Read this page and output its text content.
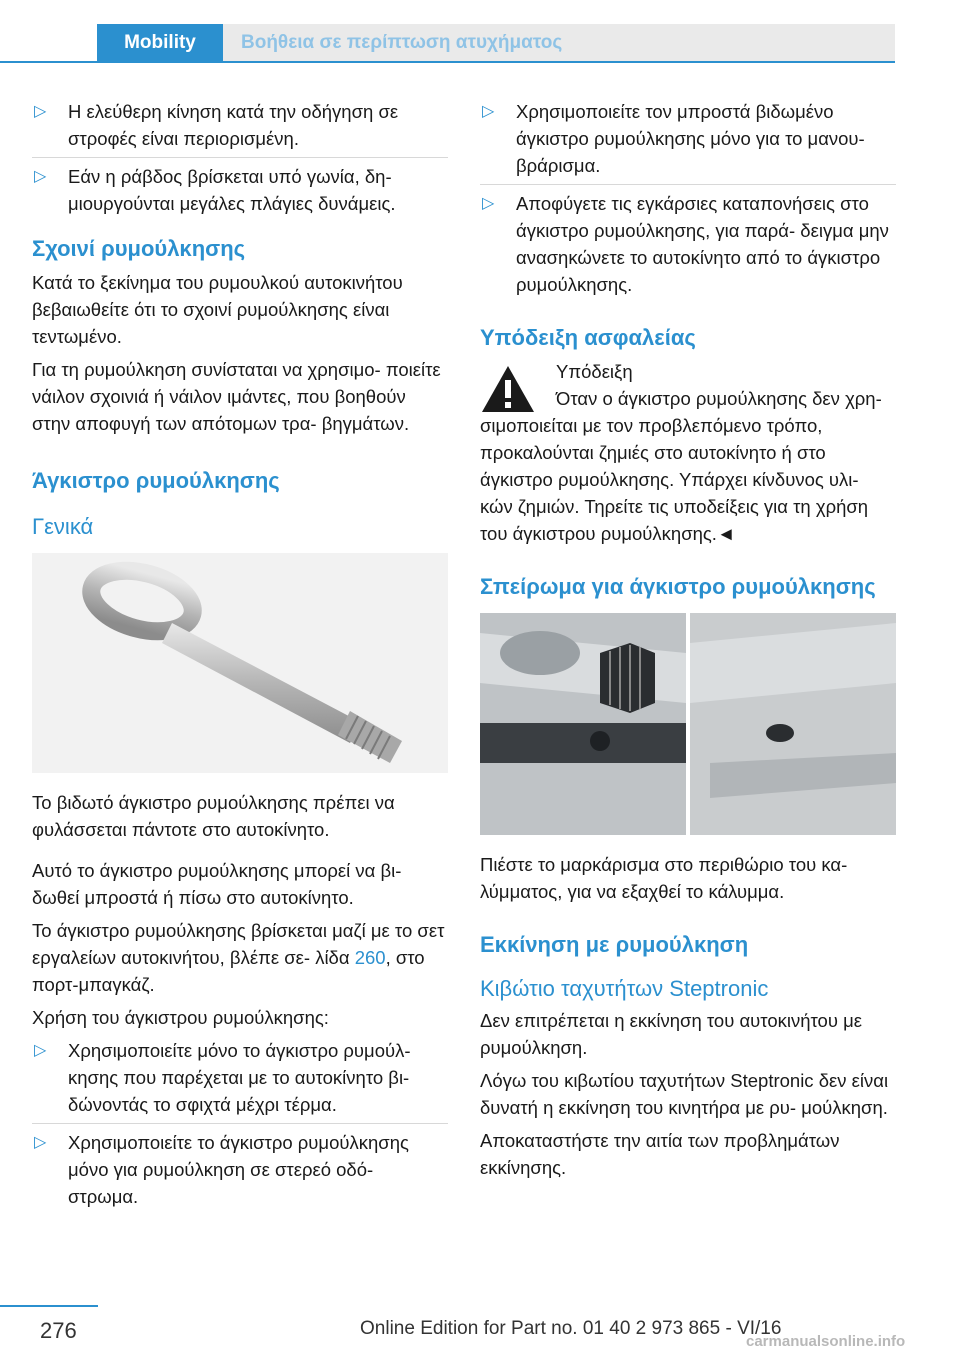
Mobility	Βοήθεια σε περίπτωση ατυχήματος
▷ Η ελεύθερη κίνηση κατά την οδήγηση σε στροφές είναι περιορισμένη.
▷ Εάν η ράβδος βρίσκεται υπό γωνία, δη‐ μιουργούνται μεγάλες πλάγιες δυνάμεις.
Σχοινί ρυμούλκησης

Κατά το ξεκίνημα του ρυμουλκού αυτοκινήτου βεβαιωθείτε ότι το σχοινί ρυμούλκησης είναι τεντωμένο.

Για τη ρυμούλκηση συνίσταται να χρησιμο‐ ποιείτε νάιλον σχοινιά ή νάιλον ιμάντες, που βοηθούν στην αποφυγή των απότομων τρα‐ βηγμάτων.

Άγκιστρο ρυμούλκησης
Γενικά

Το βιδωτό άγκιστρο ρυμούλκησης πρέπει να φυλάσσεται πάντοτε στο αυτοκίνητο.

Αυτό το άγκιστρο ρυμούλκησης μπορεί να βι‐ δωθεί μπροστά ή πίσω στο αυτοκίνητο.

Το άγκιστρο ρυμούλκησης βρίσκεται μαζί με το σετ εργαλείων αυτοκινήτου, βλέπε σε‐ λίδα 260, στο πορτ-μπαγκάζ.

Χρήση του άγκιστρου ρυμούλκησης:

▷ Χρησιμοποιείτε μόνο το άγκιστρο ρυμούλ‐ κησης που παρέχεται με το αυτοκίνητο βι‐ δώνοντάς το σφιχτά μέχρι τέρμα.
▷ Χρησιμοποιείτε το άγκιστρο ρυμούλκησης μόνο για ρυμούλκηση σε στερεό οδό‐ στρωμα.
▷ Χρησιμοποιείτε τον μπροστά βιδωμένο άγκιστρο ρυμούλκησης μόνο για το μανου‐ βράρισμα.
▷ Αποφύγετε τις εγκάρσιες καταπονήσεις στο άγκιστρο ρυμούλκησης, για παρά‐ δειγμα μην ανασηκώνετε το αυτοκίνητο από το άγκιστρο ρυμούλκησης.
Υπόδειξη ασφαλείας
Υπόδειξη

Όταν ο άγκιστρο ρυμούλκησης δεν χρη‐ σιμοποιείται με τον προβλεπόμενο τρόπο, προκαλούνται ζημιές στο αυτοκίνητο ή στο άγκιστρο ρυμούλκησης. Υπάρχει κίνδυνος υλι‐ κών ζημιών. Τηρείτε τις υποδείξεις για τη χρήση του άγκιστρου ρυμούλκησης.◄

Σπείρωμα για άγκιστρο ρυμούλκησης

Πιέστε το μαρκάρισμα στο περιθώριο του κα‐ λύμματος, για να εξαχθεί το κάλυμμα.

Εκκίνηση με ρυμούλκηση
Κιβώτιο ταχυτήτων Steptronic

Δεν επιτρέπεται η εκκίνηση του αυτοκινήτου με ρυμούλκηση.

Λόγω του κιβωτίου ταχυτήτων Steptronic δεν είναι δυνατή η εκκίνηση του κινητήρα με ρυ‐ μούλκηση.

Αποκαταστήστε την αιτία των προβλημάτων εκκίνησης.

276	Online Edition for Part no. 01 40 2 973 865 - VI/16
carmanualsonline.info
